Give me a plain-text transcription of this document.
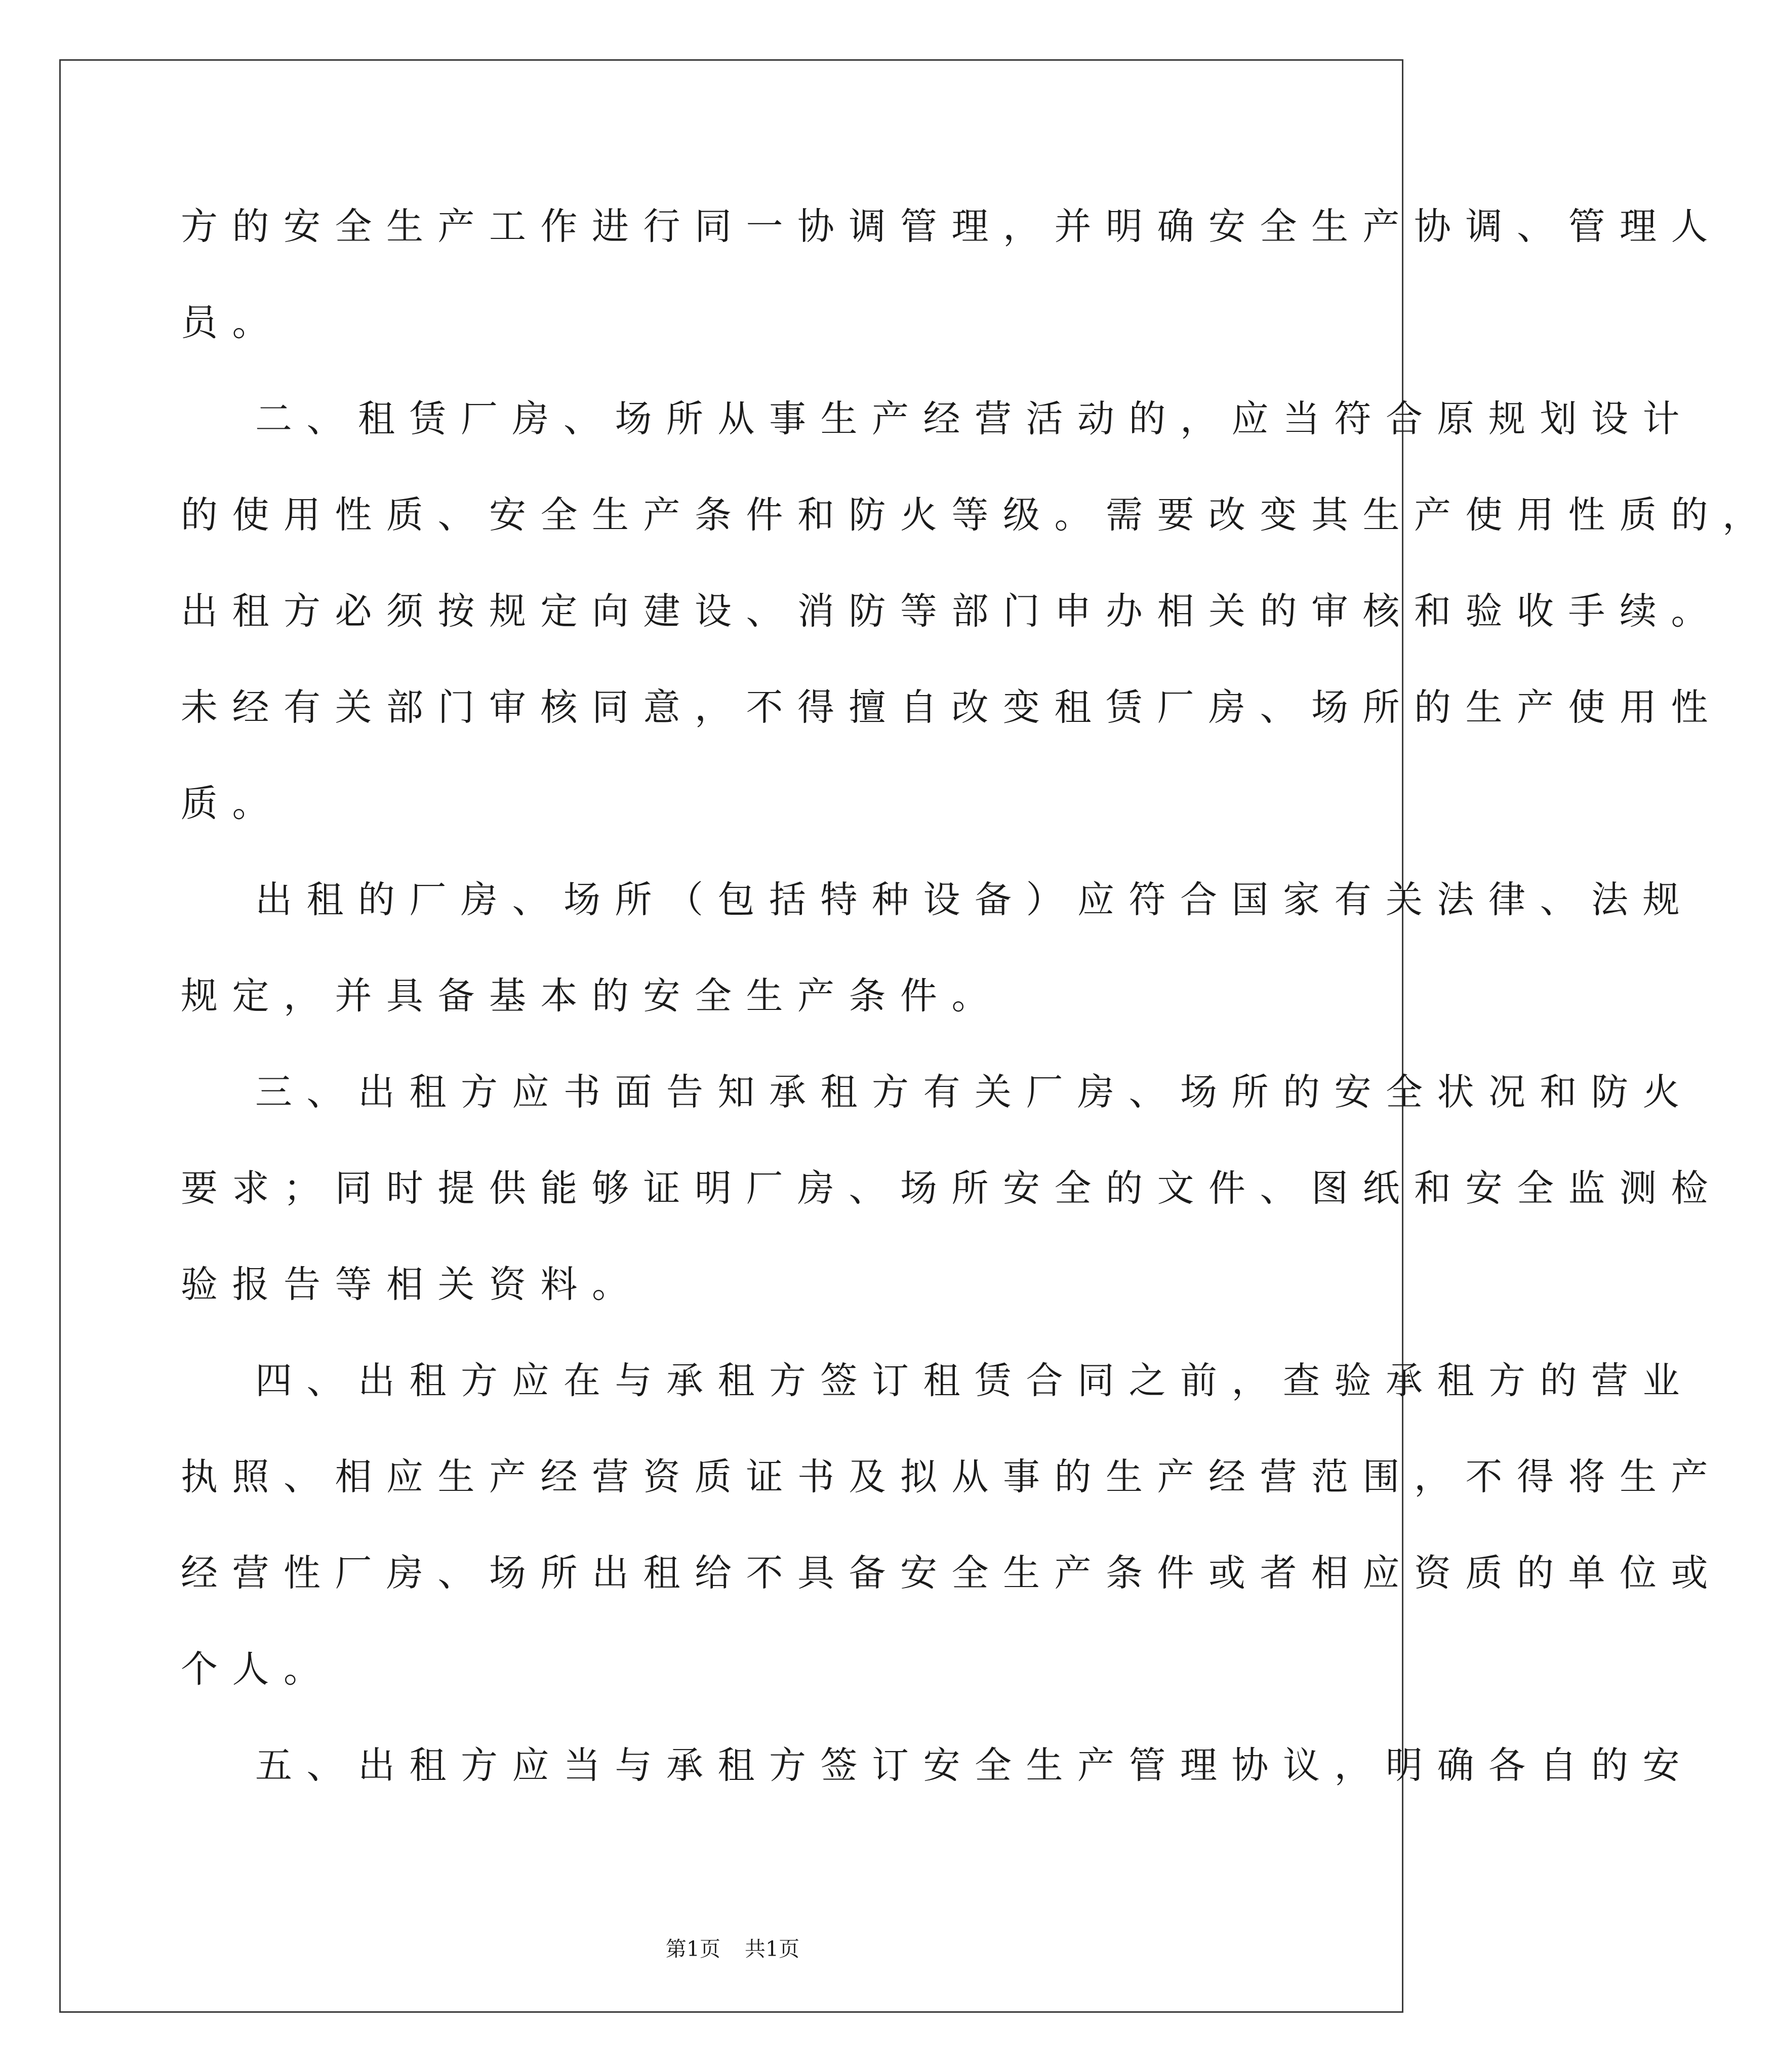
方的安全生产工作进行同一协调管理，并明确安全生产协调、管理人
员。
二、租赁厂房、场所从事生产经营活动的，应当符合原规划设计
的使用性质、安全生产条件和防火等级。需要改变其生产使用性质的，
出租方必须按规定向建设、消防等部门申办相关的审核和验收手续。
未经有关部门审核同意，不得擅自改变租赁厂房、场所的生产使用性
质。
出租的厂房、场所（包括特种设备）应符合国家有关法律、法规
规定，并具备基本的安全生产条件。
三、出租方应书面告知承租方有关厂房、场所的安全状况和防火
要求；同时提供能够证明厂房、场所安全的文件、图纸和安全监测检
验报告等相关资料。
四、出租方应在与承租方签订租赁合同之前，查验承租方的营业
执照、相应生产经营资质证书及拟从事的生产经营范围，不得将生产
经营性厂房、场所出租给不具备安全生产条件或者相应资质的单位或
个人。
五、出租方应当与承租方签订安全生产管理协议，明确各自的安
第1页 共1页
